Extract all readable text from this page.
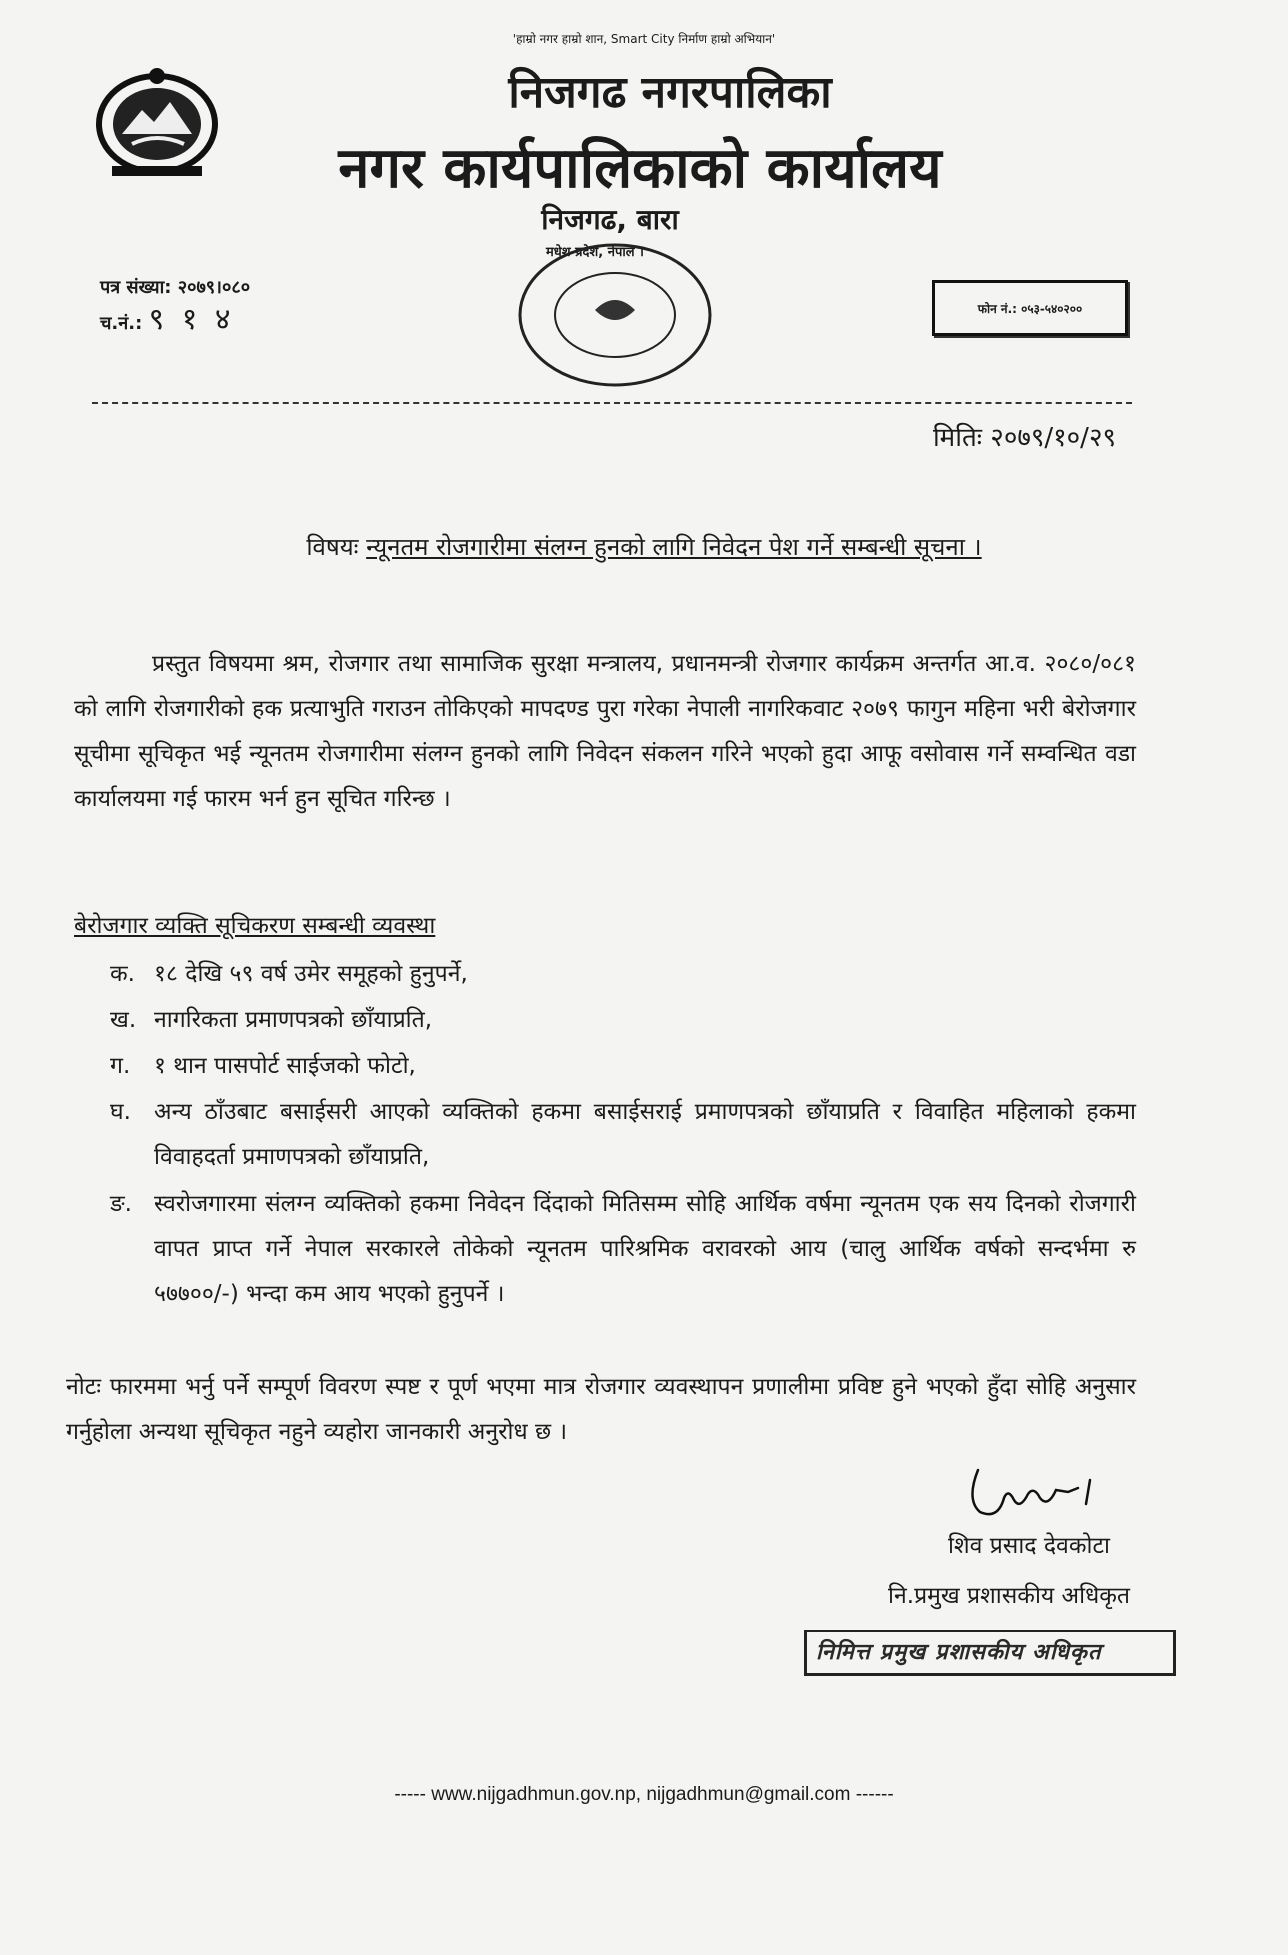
'हाम्रो नगर हाम्रो शान, Smart City निर्माण हाम्रो अभियान'
निजगढ नगरपालिका
नगर कार्यपालिकाको कार्यालय
निजगढ, बारा
मधेश प्रदेश, नेपाल ।
पत्र संख्या: २०७९।०८०
च.नं.: ९ १ ४	फोन नं.: ०५३-५४०२००
मितिः २०७९/१०/२९
विषयः न्यूनतम रोजगारीमा संलग्न हुनको लागि निवेदन पेश गर्ने सम्बन्धी सूचना ।
प्रस्तुत विषयमा श्रम, रोजगार तथा सामाजिक सुरक्षा मन्त्रालय, प्रधानमन्त्री रोजगार कार्यक्रम अन्तर्गत आ.व. २०८०/०८१ को लागि रोजगारीको हक प्रत्याभुति गराउन तोकिएको मापदण्ड पुरा गरेका नेपाली नागरिकवाट २०७९ फागुन महिना भरी बेरोजगार सूचीमा सूचिकृत भई न्यूनतम रोजगारीमा संलग्न हुनको लागि निवेदन संकलन गरिने भएको हुदा आफू वसोवास गर्ने सम्वन्धित वडा कार्यालयमा गई फारम भर्न हुन सूचित गरिन्छ ।
बेरोजगार व्यक्ति सूचिकरण सम्बन्धी व्यवस्था
क. १८ देखि ५९ वर्ष उमेर समूहको हुनुपर्ने,
ख. नागरिकता प्रमाणपत्रको छाँयाप्रति,
ग.	१ थान पासपोर्ट साईजको फोटो,
घ.	अन्य ठाँउबाट बसाईसरी आएको व्यक्तिको हकमा बसाईसराई प्रमाणपत्रको छाँयाप्रति र विवाहित महिलाको हकमा विवाहदर्ता प्रमाणपत्रको छाँयाप्रति,
ङ. स्वरोजगारमा संलग्न व्यक्तिको हकमा निवेदन दिंदाको मितिसम्म सोहि आर्थिक वर्षमा न्यूनतम एक सय दिनको रोजगारी वापत प्राप्त गर्ने नेपाल सरकारले तोकेको न्यूनतम पारिश्रमिक वरावरको आय (चालु आर्थिक वर्षको सन्दर्भमा रु ५७७००/-) भन्दा कम आय भएको हुनुपर्ने ।
नोटः फारममा भर्नु पर्ने सम्पूर्ण विवरण स्पष्ट र पूर्ण भएमा मात्र रोजगार व्यवस्थापन प्रणालीमा प्रविष्ट हुने भएको हुँदा सोहि अनुसार गर्नुहोला अन्यथा सूचिकृत नहुने व्यहोरा जानकारी अनुरोध छ ।
शिव प्रसाद देवकोटा
नि.प्रमुख प्रशासकीय अधिकृत
निमित्त प्रमुख प्रशासकीय अधिकृत
----- www.nijgadhmun.gov.np, nijgadhmun@gmail.com ------
